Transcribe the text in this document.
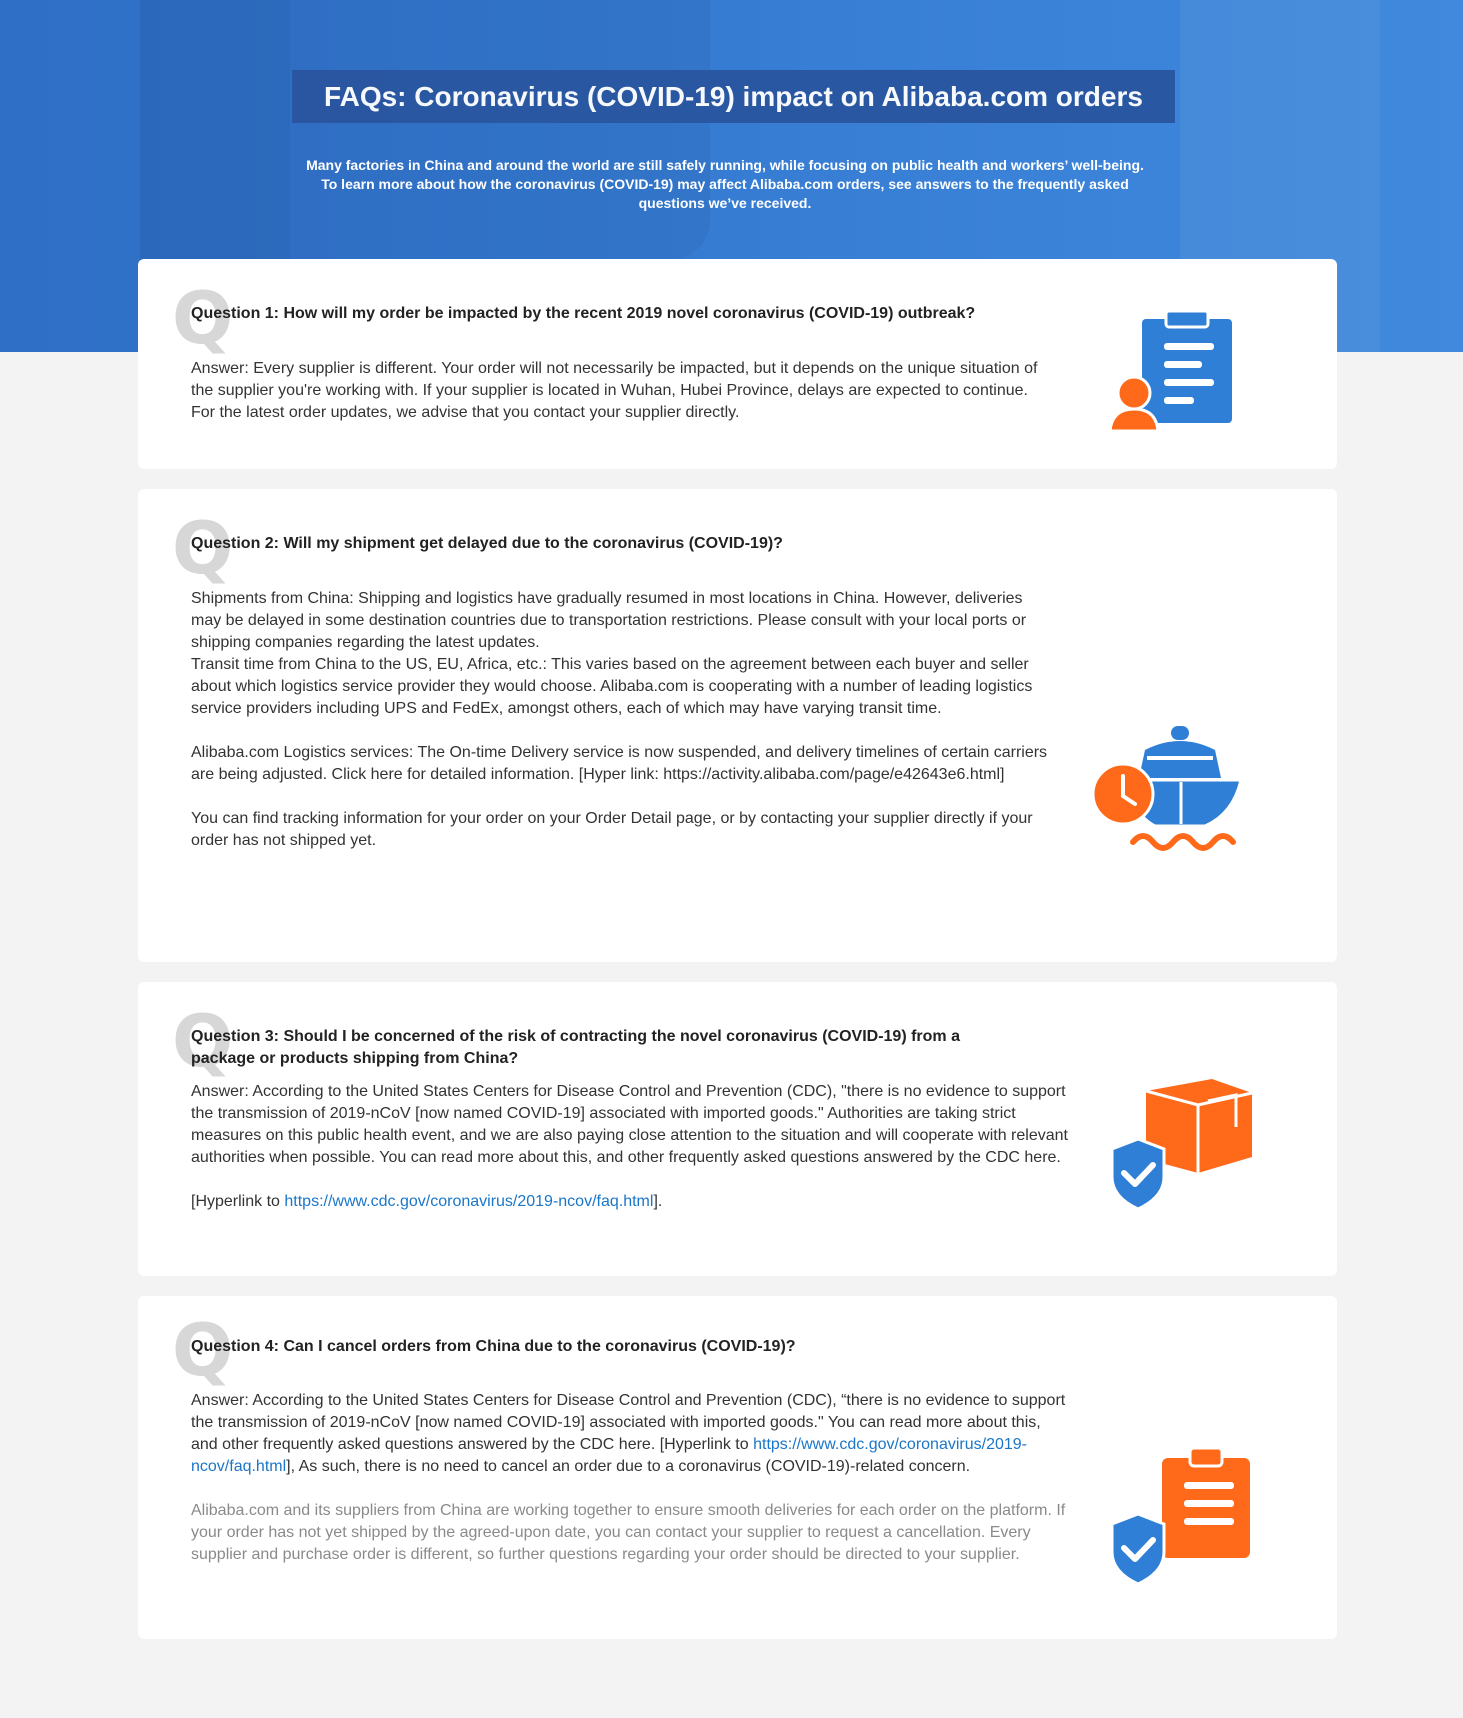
FAQs: Coronavirus (COVID-19) impact on Alibaba.com orders
Many factories in China and around the world are still safely running, while focusing on public health and workers’ well-being.
To learn more about how the coronavirus (COVID-19) may affect Alibaba.com orders, see answers to the frequently asked questions we’ve received.
Q
Question 1: How will my order be impacted by the recent 2019 novel coronavirus (COVID-19) outbreak?

Answer: Every supplier is different. Your order will not necessarily be impacted, but it depends on the unique situation of the supplier you're working with. If your supplier is located in Wuhan, Hubei Province, delays are expected to continue. For the latest order updates, we advise that you contact your supplier directly.

Q
Question 2: Will my shipment get delayed due to the coronavirus (COVID-19)?

Shipments from China: Shipping and logistics have gradually resumed in most locations in China. However, deliveries may be delayed in some destination countries due to transportation restrictions. Please consult with your local ports or shipping companies regarding the latest updates.

Transit time from China to the US, EU, Africa, etc.: This varies based on the agreement between each buyer and seller about which logistics service provider they would choose. Alibaba.com is cooperating with a number of leading logistics service providers including UPS and FedEx, amongst others, each of which may have varying transit time.

Alibaba.com Logistics services: The On-time Delivery service is now suspended, and delivery timelines of certain carriers are being adjusted. Click here for detailed information. [Hyper link: https://activity.alibaba.com/page/e42643e6.html]

You can find tracking information for your order on your Order Detail page, or by contacting your supplier directly if your order has not shipped yet.

Q
Question 3: Should I be concerned of the risk of contracting the novel coronavirus (COVID-19) from a package or products shipping from China?

Answer: According to the United States Centers for Disease Control and Prevention (CDC), "there is no evidence to support the transmission of 2019-nCoV [now named COVID-19] associated with imported goods." Authorities are taking strict measures on this public health event, and we are also paying close attention to the situation and will cooperate with relevant authorities when possible. You can read more about this, and other frequently asked questions answered by the CDC here.

[Hyperlink to https://www.cdc.gov/coronavirus/2019-ncov/faq.html].

Q
Question 4: Can I cancel orders from China due to the coronavirus (COVID-19)?

Answer: According to the United States Centers for Disease Control and Prevention (CDC), “there is no evidence to support the transmission of 2019-nCoV [now named COVID-19] associated with imported goods." You can read more about this, and other frequently asked questions answered by the CDC here. [Hyperlink to https://www.cdc.gov/coronavirus/2019-ncov/faq.html], As such, there is no need to cancel an order due to a coronavirus (COVID-19)-related concern.

Alibaba.com and its suppliers from China are working together to ensure smooth deliveries for each order on the platform. If your order has not yet shipped by the agreed-upon date, you can contact your supplier to request a cancellation. Every supplier and purchase order is different, so further questions regarding your order should be directed to your supplier.
